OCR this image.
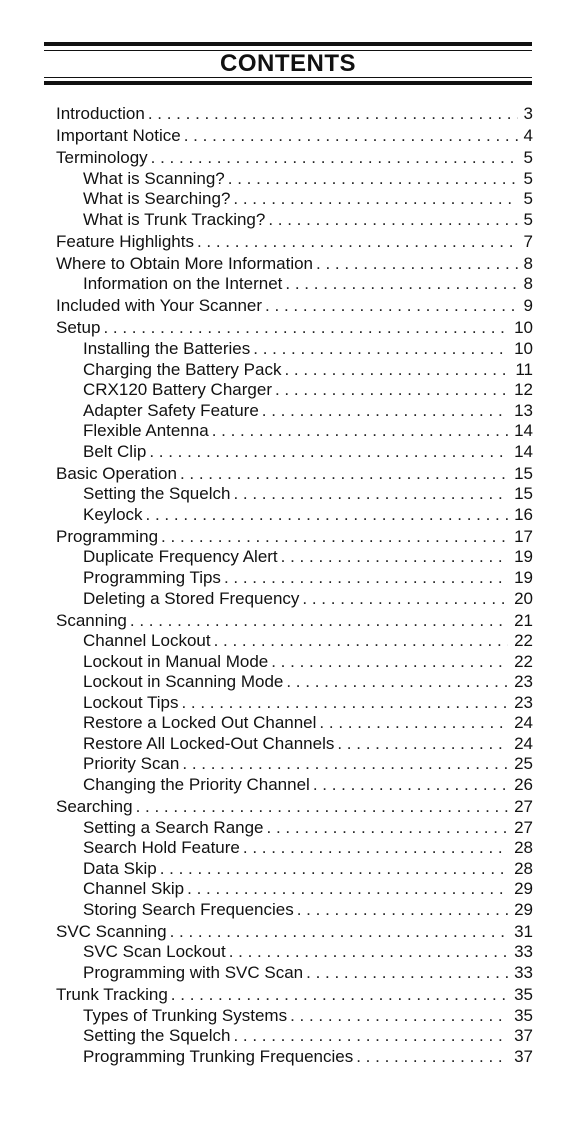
CONTENTS
Introduction . . .	3
Important Notice . . .	4
Terminology . . .	5
What is Scanning? . . .	5
What is Searching? . . .	5
What is Trunk Tracking? . . .	5
Feature Highlights . . .	7
Where to Obtain More Information . . .	8
Information on the Internet . . .	8
Included with Your Scanner . . .	9
Setup . . .	10
Installing the Batteries . . .	10
Charging the Battery Pack . . .	11
CRX120 Battery Charger . . .	12
Adapter Safety Feature . . .	13
Flexible Antenna . . .	14
Belt Clip . . .	14
Basic Operation . . .	15
Setting the Squelch . . .	15
Keylock . . .	16
Programming . . .	17
Duplicate Frequency Alert . . .	19
Programming Tips . . .	19
Deleting a Stored Frequency . . .	20
Scanning . . .	21
Channel Lockout . . .	22
Lockout in Manual Mode . . .	22
Lockout in Scanning Mode . . .	23
Lockout Tips . . .	23
Restore a Locked Out Channel . . .	24
Restore All Locked-Out Channels . . .	24
Priority Scan . . .	25
Changing the Priority Channel . . .	26
Searching . . .	27
Setting a Search Range . . .	27
Search Hold Feature . . .	28
Data Skip . . .	28
Channel Skip . . .	29
Storing Search Frequencies . . .	29
SVC Scanning . . .	31
SVC Scan Lockout . . .	33
Programming with SVC Scan . . .	33
Trunk Tracking . . .	35
Types of Trunking Systems . . .	35
Setting the Squelch . . .	37
Programming Trunking Frequencies . . .	37
